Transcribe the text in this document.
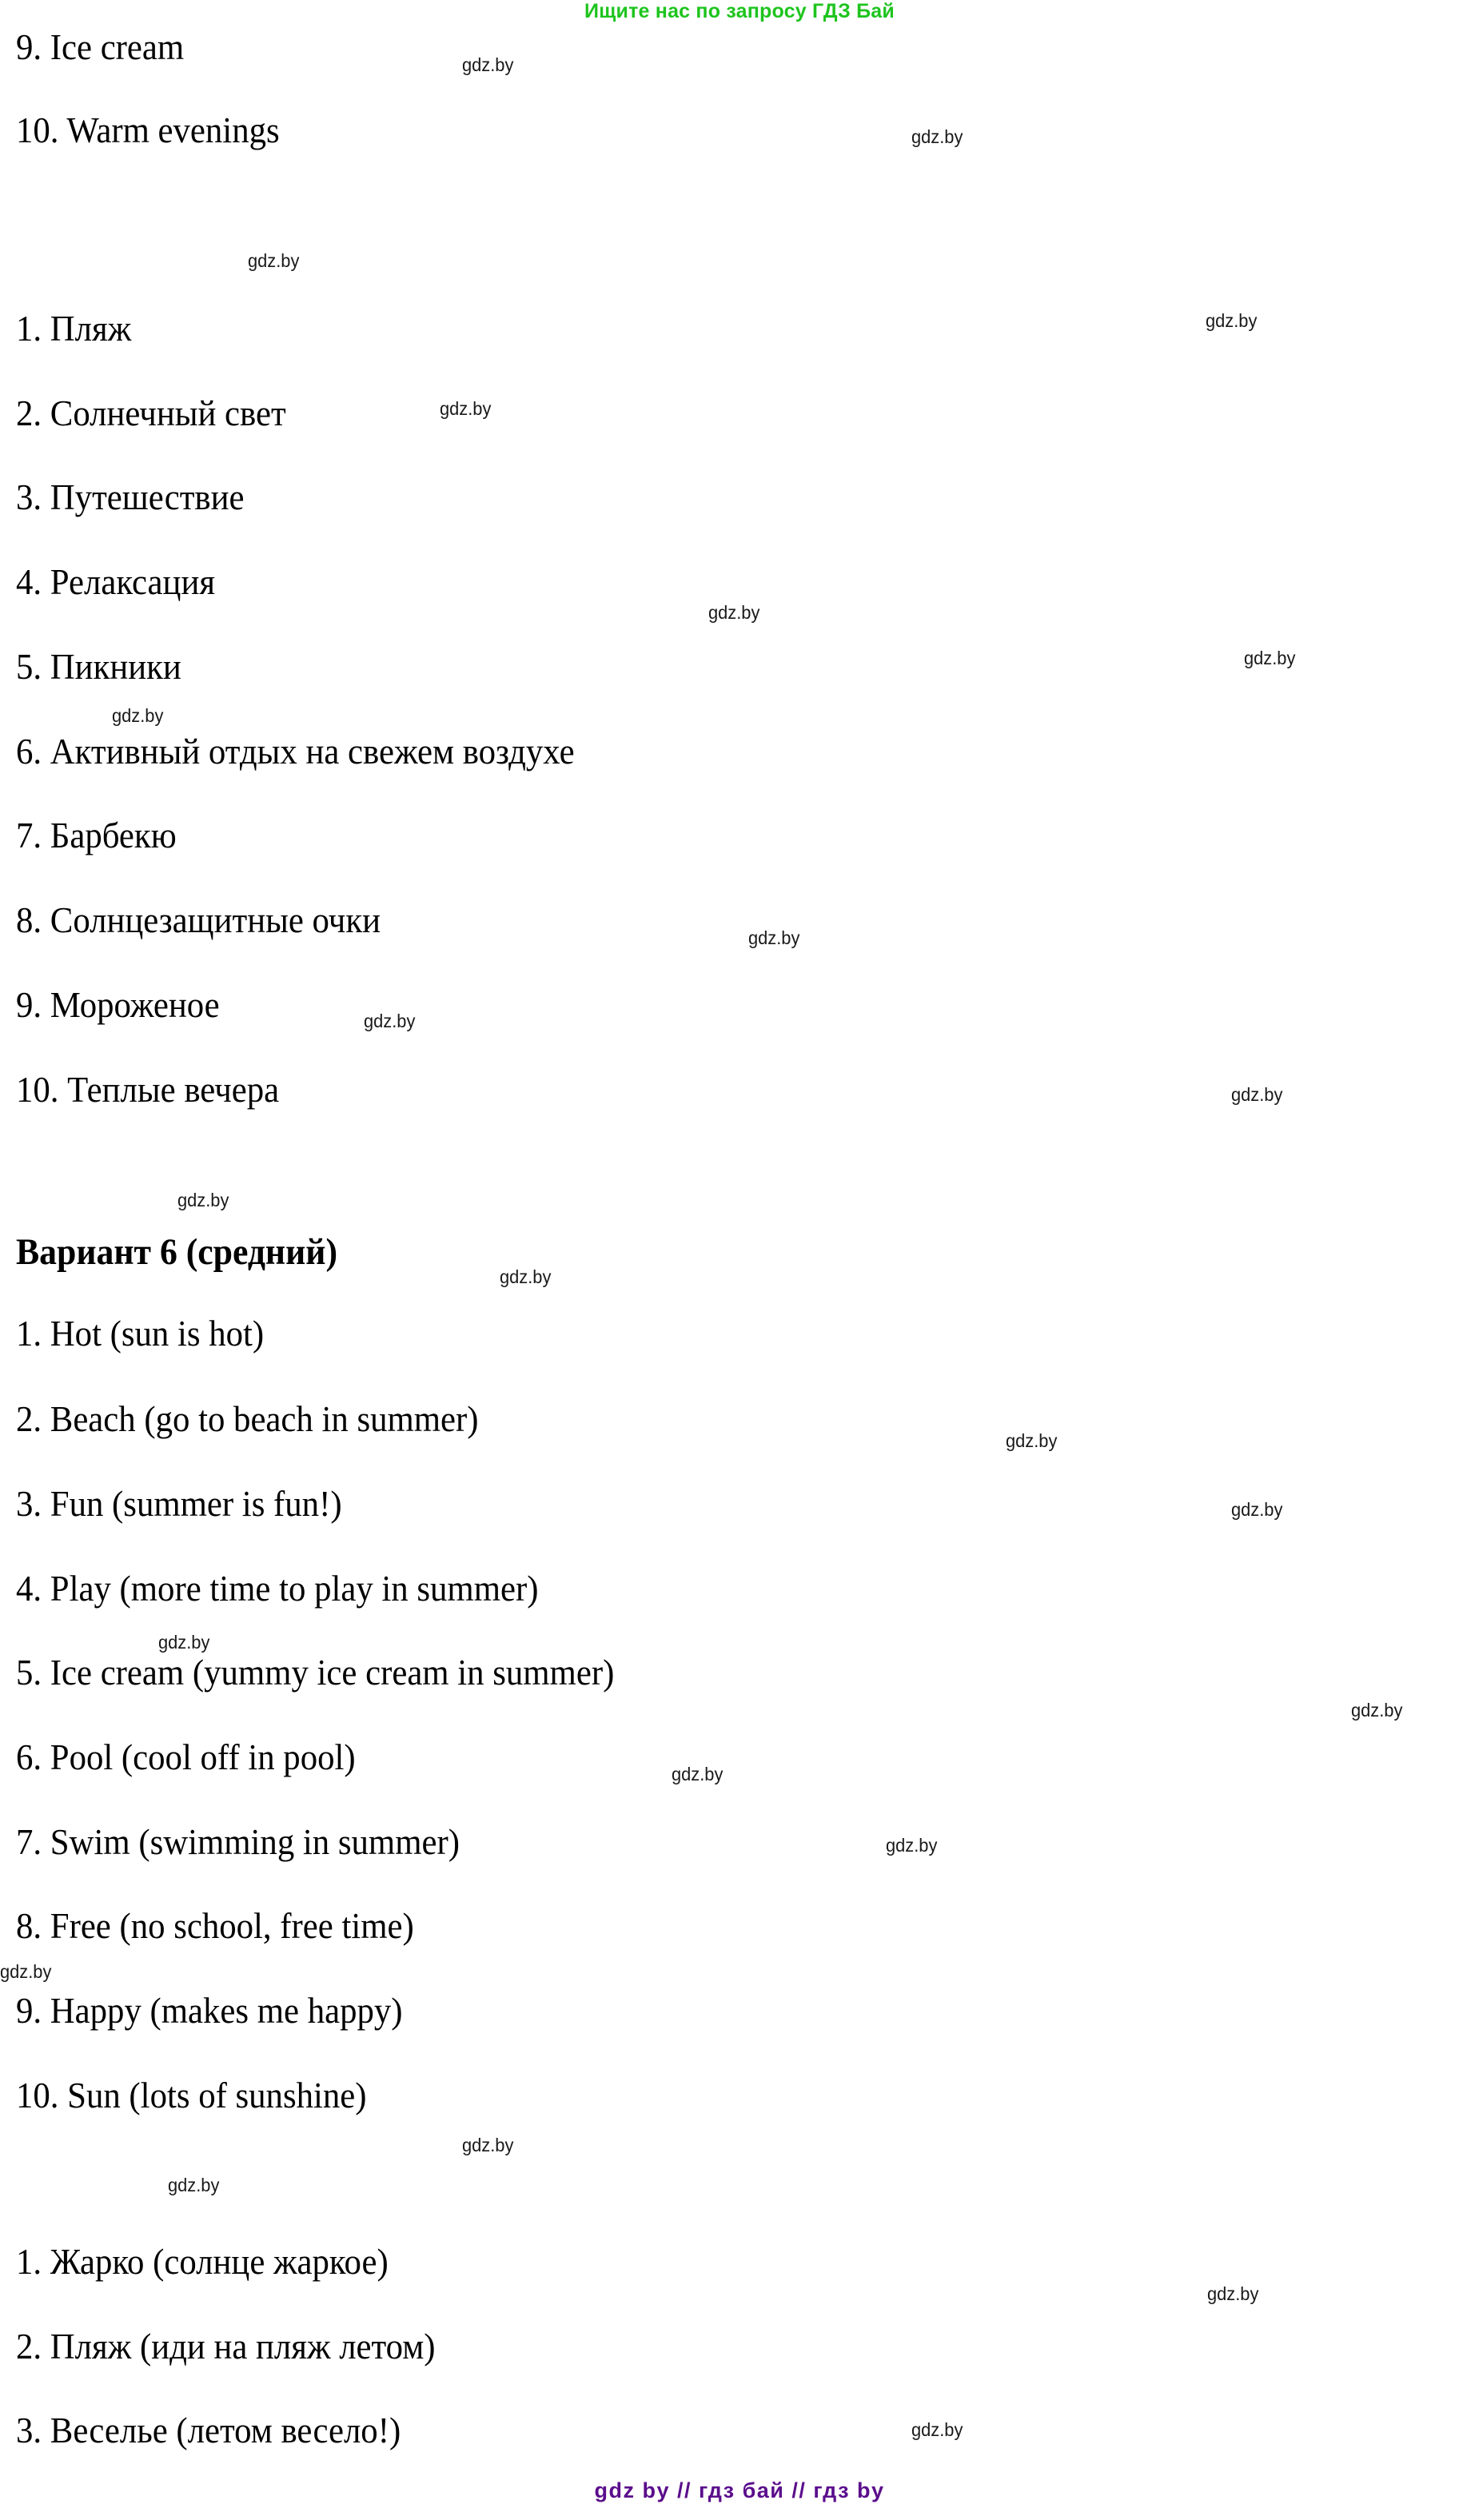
Ищите нас по запросу ГДЗ Бай
gdz.by
gdz.by
gdz.by
gdz.by
gdz.by
gdz.by
gdz.by
gdz.by
gdz.by
gdz.by
gdz.by
gdz.by
gdz.by
gdz.by
gdz.by
gdz.by
gdz.by
gdz.by
gdz.by
gdz.by
gdz.by
gdz.by
gdz.by
gdz.by
9. Ice cream
10. Warm evenings
1. Пляж
2. Солнечный свет
3. Путешествие
4. Релаксация
5. Пикники
6. Активный отдых на свежем воздухе
7. Барбекю
8. Солнцезащитные очки
9. Мороженое
10. Теплые вечера
Вариант 6 (средний)
1. Hot (sun is hot)
2. Beach (go to beach in summer)
3. Fun (summer is fun!)
4. Play (more time to play in summer)
5. Ice cream (yummy ice cream in summer)
6. Pool (cool off in pool)
7. Swim (swimming in summer)
8. Free (no school, free time)
9. Happy (makes me happy)
10. Sun (lots of sunshine)
1. Жарко (солнце жаркое)
2. Пляж (иди на пляж летом)
3. Веселье (летом весело!)
gdz by // гдз бай // гдз by
